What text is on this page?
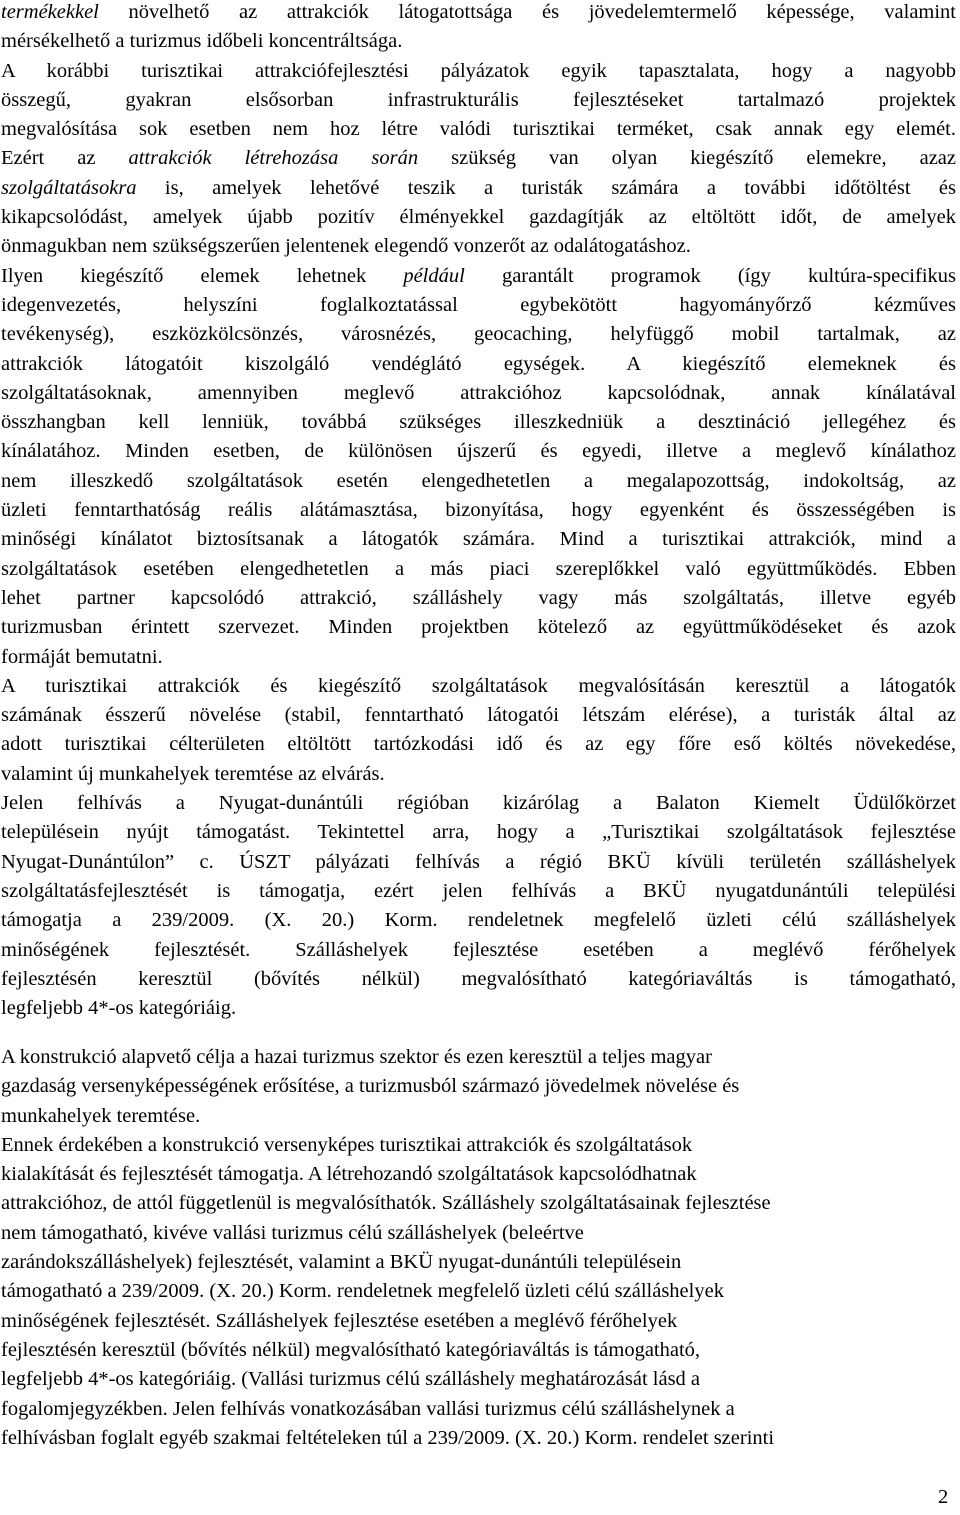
termékekkel növelhető az attrakciók látogatottsága és jövedelemtermelő képessége, valamint
mérsékelhető a turizmus időbeli koncentráltsága.
A korábbi turisztikai attrakciófejlesztési pályázatok egyik tapasztalata, hogy a nagyobb
összegű, gyakran elsősorban infrastrukturális fejlesztéseket tartalmazó projektek
megvalósítása sok esetben nem hoz létre valódi turisztikai terméket, csak annak egy elemét.
Ezért az attrakciók létrehozása során szükség van olyan kiegészítő elemekre, azaz
szolgáltatásokra is, amelyek lehetővé teszik a turisták számára a további időtöltést és
kikapcsolódást, amelyek újabb pozitív élményekkel gazdagítják az eltöltött időt, de amelyek
önmagukban nem szükségszerűen jelentenek elegendő vonzerőt az odalátogatáshoz.
Ilyen kiegészítő elemek lehetnek például garantált programok (így kultúra-specifikus
idegenvezetés, helyszíni foglalkoztatással egybekötött hagyományőrző kézműves
tevékenység), eszközkölcsönzés, városnézés, geocaching, helyfüggő mobil tartalmak, az
attrakciók látogatóit kiszolgáló vendéglátó egységek. A kiegészítő elemeknek és
szolgáltatásoknak, amennyiben meglevő attrakcióhoz kapcsolódnak, annak kínálatával
összhangban kell lenniük, továbbá szükséges illeszkedniük a desztináció jellegéhez és
kínálatához. Minden esetben, de különösen újszerű és egyedi, illetve a meglevő kínálathoz
nem illeszkedő szolgáltatások esetén elengedhetetlen a megalapozottság, indokoltság, az
üzleti fenntarthatóság reális alátámasztása, bizonyítása, hogy egyenként és összességében is
minőségi kínálatot biztosítsanak a látogatók számára. Mind a turisztikai attrakciók, mind a
szolgáltatások esetében elengedhetetlen a más piaci szereplőkkel való együttműködés. Ebben
lehet partner kapcsolódó attrakció, szálláshely vagy más szolgáltatás, illetve egyéb
turizmusban érintett szervezet. Minden projektben kötelező az együttműködéseket és azok
formáját bemutatni.
A turisztikai attrakciók és kiegészítő szolgáltatások megvalósításán keresztül a látogatók
számának ésszerű növelése (stabil, fenntartható látogatói létszám elérése), a turisták által az
adott turisztikai célterületen eltöltött tartózkodási idő és az egy főre eső költés növekedése,
valamint új munkahelyek teremtése az elvárás.
Jelen felhívás a Nyugat-dunántúli régióban kizárólag a Balaton Kiemelt Üdülőkörzet
településein nyújt támogatást. Tekintettel arra, hogy a „Turisztikai szolgáltatások fejlesztése
Nyugat-Dunántúlon” c. ÚSZT pályázati felhívás a régió BKÜ kívüli területén szálláshelyek
szolgáltatásfejlesztését is támogatja, ezért jelen felhívás a BKÜ nyugatdunántúli települési
támogatja a 239/2009. (X. 20.) Korm. rendeletnek megfelelő üzleti célú szálláshelyek
minőségének fejlesztését. Szálláshelyek fejlesztése esetében a meglévő férőhelyek
fejlesztésén keresztül (bővítés nélkül) megvalósítható kategóriaváltás is támogatható,
legfeljebb 4*-os kategóriáig.
A konstrukció alapvető célja a hazai turizmus szektor és ezen keresztül a teljes magyar
gazdaság versenyképességének erősítése, a turizmusból származó jövedelmek növelése és
munkahelyek teremtése.
Ennek érdekében a konstrukció versenyképes turisztikai attrakciók és szolgáltatások
kialakítását és fejlesztését támogatja. A létrehozandó szolgáltatások kapcsolódhatnak
attrakcióhoz, de attól függetlenül is megvalósíthatók. Szálláshely szolgáltatásainak fejlesztése
nem támogatható, kivéve vallási turizmus célú szálláshelyek (beleértve
zarándokszálláshelyek) fejlesztését, valamint a BKÜ nyugat-dunántúli településein
támogatható a 239/2009. (X. 20.) Korm. rendeletnek megfelelő üzleti célú szálláshelyek
minőségének fejlesztését. Szálláshelyek fejlesztése esetében a meglévő férőhelyek
fejlesztésén keresztül (bővítés nélkül) megvalósítható kategóriaváltás is támogatható,
legfeljebb 4*-os kategóriáig. (Vallási turizmus célú szálláshely meghatározását lásd a
fogalomjegyzékben. Jelen felhívás vonatkozásában vallási turizmus célú szálláshelynek a
felhívásban foglalt egyéb szakmai feltételeken túl a 239/2009. (X. 20.) Korm. rendelet szerinti
2
